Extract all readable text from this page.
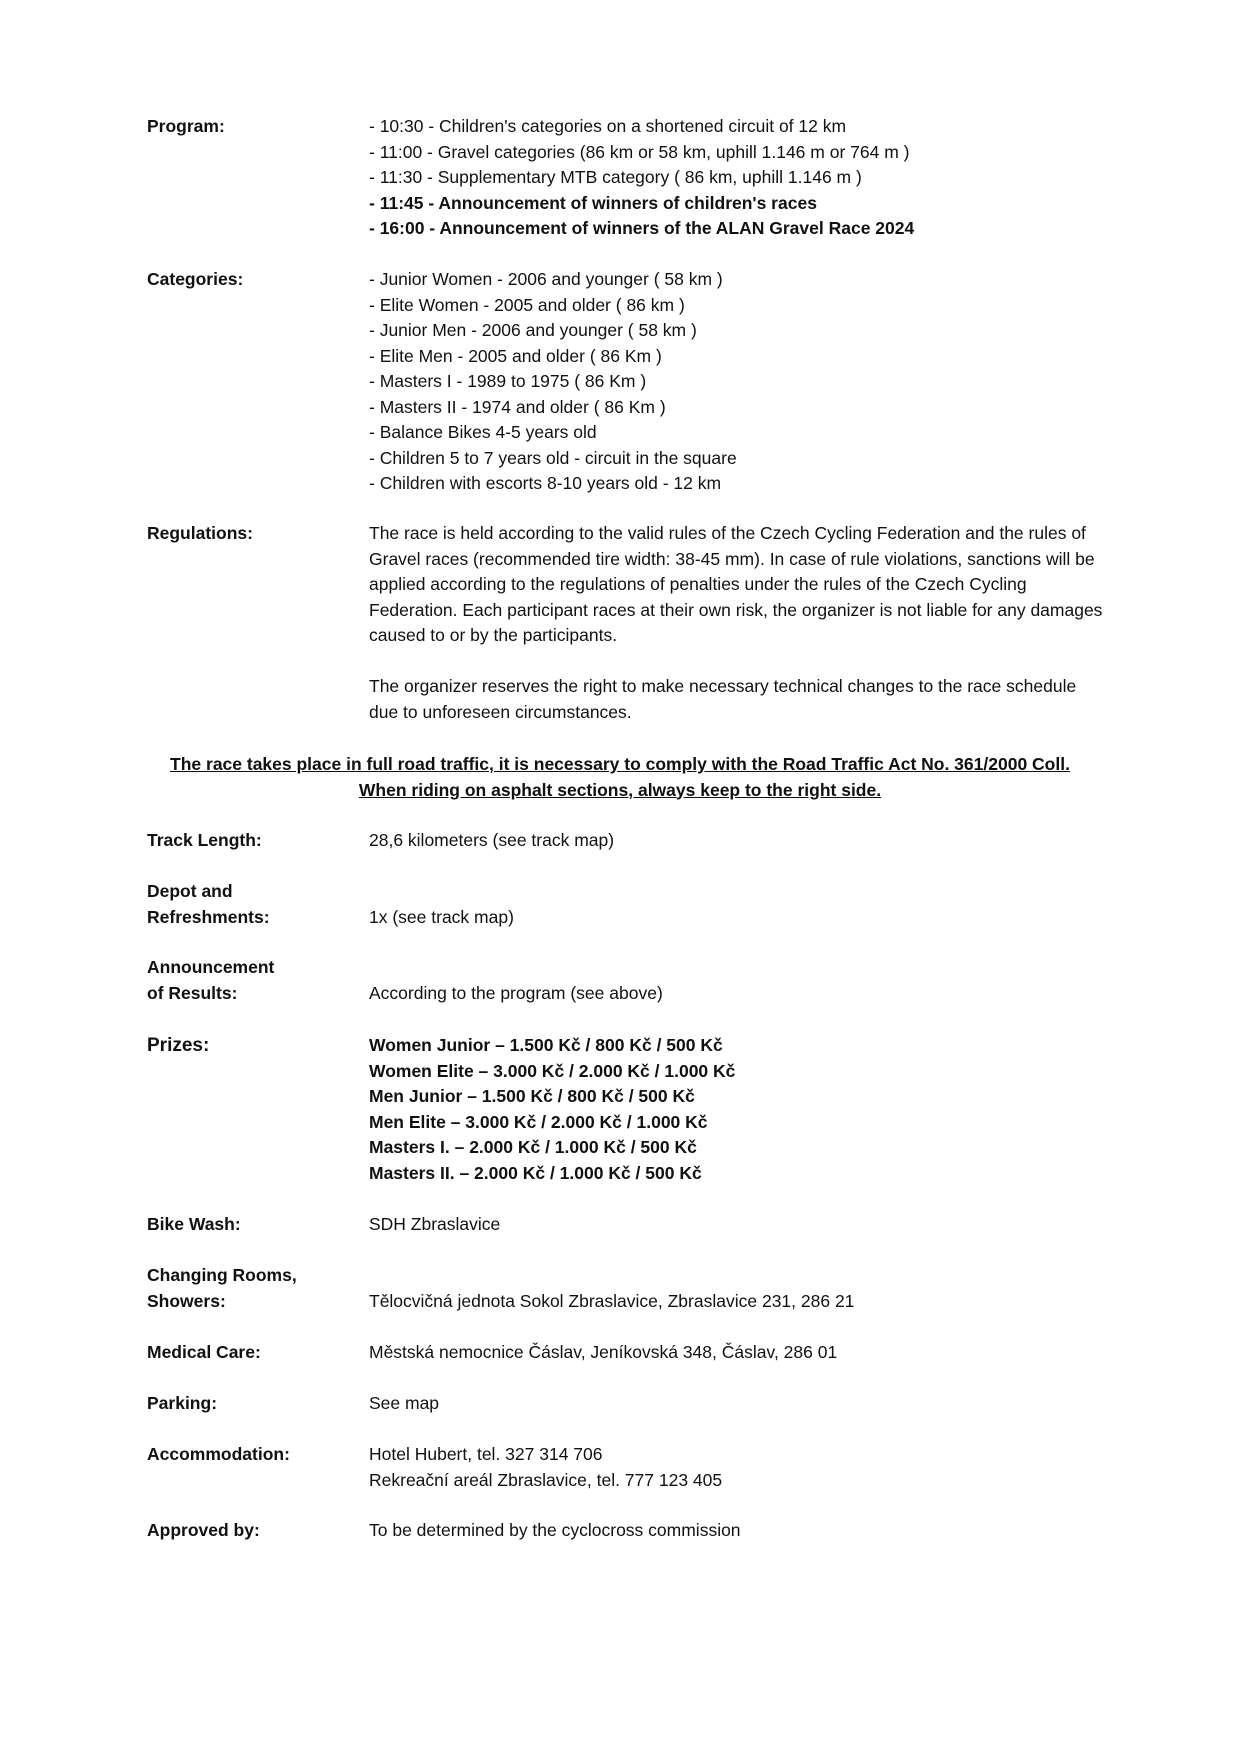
Program:	- 10:30 - Children's categories on a shortened circuit of 12 km
- 11:00 - Gravel categories (86 km or 58 km, uphill 1.146 m or 764 m )
- 11:30 - Supplementary MTB category ( 86 km, uphill 1.146 m )
- 11:45 - Announcement of winners of children's races
- 16:00 - Announcement of winners of the ALAN Gravel Race 2024
Categories:	- Junior Women - 2006 and younger ( 58 km )
- Elite Women - 2005 and older ( 86 km )
- Junior Men - 2006 and younger ( 58 km )
- Elite Men - 2005 and older ( 86 Km )
- Masters I - 1989 to 1975 ( 86 Km )
- Masters II - 1974 and older ( 86 Km )
- Balance Bikes 4-5 years old
- Children 5 to 7 years old - circuit in the square
- Children with escorts 8-10 years old - 12 km
Regulations:	The race is held according to the valid rules of the Czech Cycling Federation and the rules of Gravel races (recommended tire width: 38-45 mm). In case of rule violations, sanctions will be applied according to the regulations of penalties under the rules of the Czech Cycling Federation. Each participant races at their own risk, the organizer is not liable for any damages caused to or by the participants.

The organizer reserves the right to make necessary technical changes to the race schedule due to unforeseen circumstances.

The race takes place in full road traffic, it is necessary to comply with the Road Traffic Act No. 361/2000 Coll.
When riding on asphalt sections, always keep to the right side.
Track Length:	28,6 kilometers (see track map)
Depot and
Refreshments:	1x (see track map)
Announcement
of Results:	According to the program (see above)
Prizes:	Women Junior – 1.500 Kč / 800 Kč / 500 Kč
Women Elite – 3.000 Kč / 2.000 Kč / 1.000 Kč
Men Junior – 1.500 Kč / 800 Kč / 500 Kč
Men Elite – 3.000 Kč / 2.000 Kč / 1.000 Kč
Masters I. – 2.000 Kč / 1.000 Kč / 500 Kč
Masters II. – 2.000 Kč / 1.000 Kč / 500 Kč
Bike Wash:	SDH Zbraslavice
Changing Rooms,
Showers:	Tělocvičná jednota Sokol Zbraslavice, Zbraslavice 231, 286 21
Medical Care:	Městská nemocnice Čáslav, Jeníkovská 348, Čáslav, 286 01
Parking:	See map
Accommodation:	Hotel Hubert, tel. 327 314 706
Rekreační areál Zbraslavice, tel. 777 123 405
Approved by:	To be determined by the cyclocross commission
